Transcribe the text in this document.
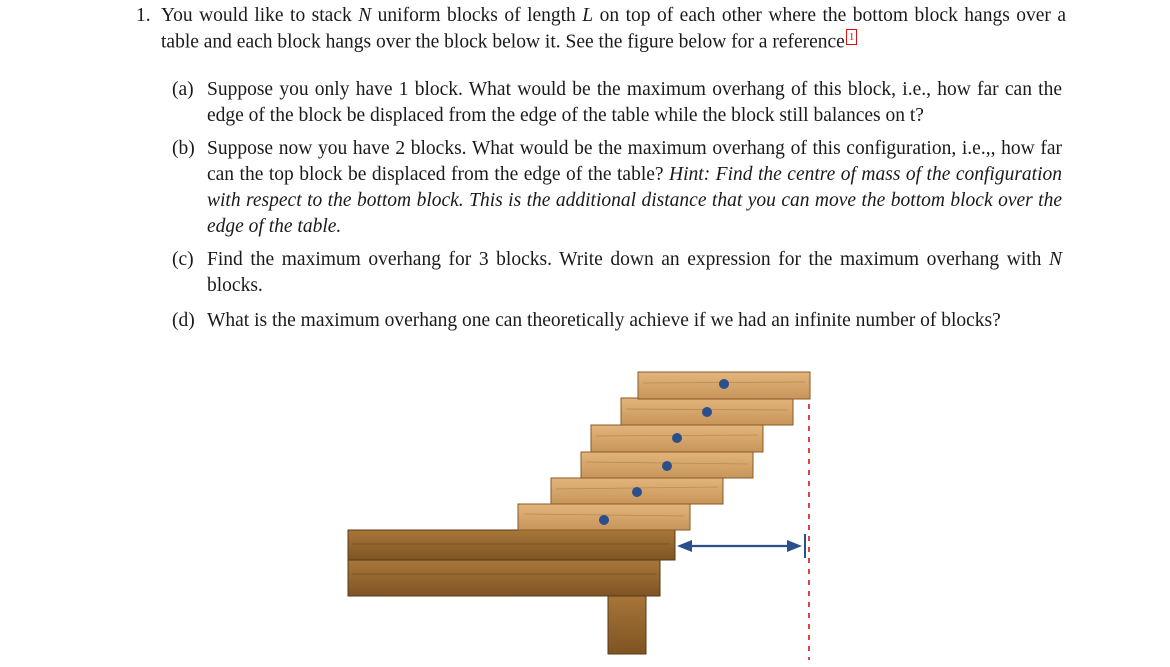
1. You would like to stack N uniform blocks of length L on top of each other where the bottom block hangs over a table and each block hangs over the block below it. See the figure below for a reference 1
(a) Suppose you only have 1 block. What would be the maximum overhang of this block, i.e., how far can the edge of the block be displaced from the edge of the table while the block still balances on t?
(b) Suppose now you have 2 blocks. What would be the maximum overhang of this configuration, i.e.,, how far can the top block be displaced from the edge of the table? Hint: Find the centre of mass of the configuration with respect to the bottom block. This is the additional distance that you can move the bottom block over the edge of the table.
(c) Find the maximum overhang for 3 blocks. Write down an expression for the maximum overhang with N blocks.
(d) What is the maximum overhang one can theoretically achieve if we had an infinite number of blocks?
